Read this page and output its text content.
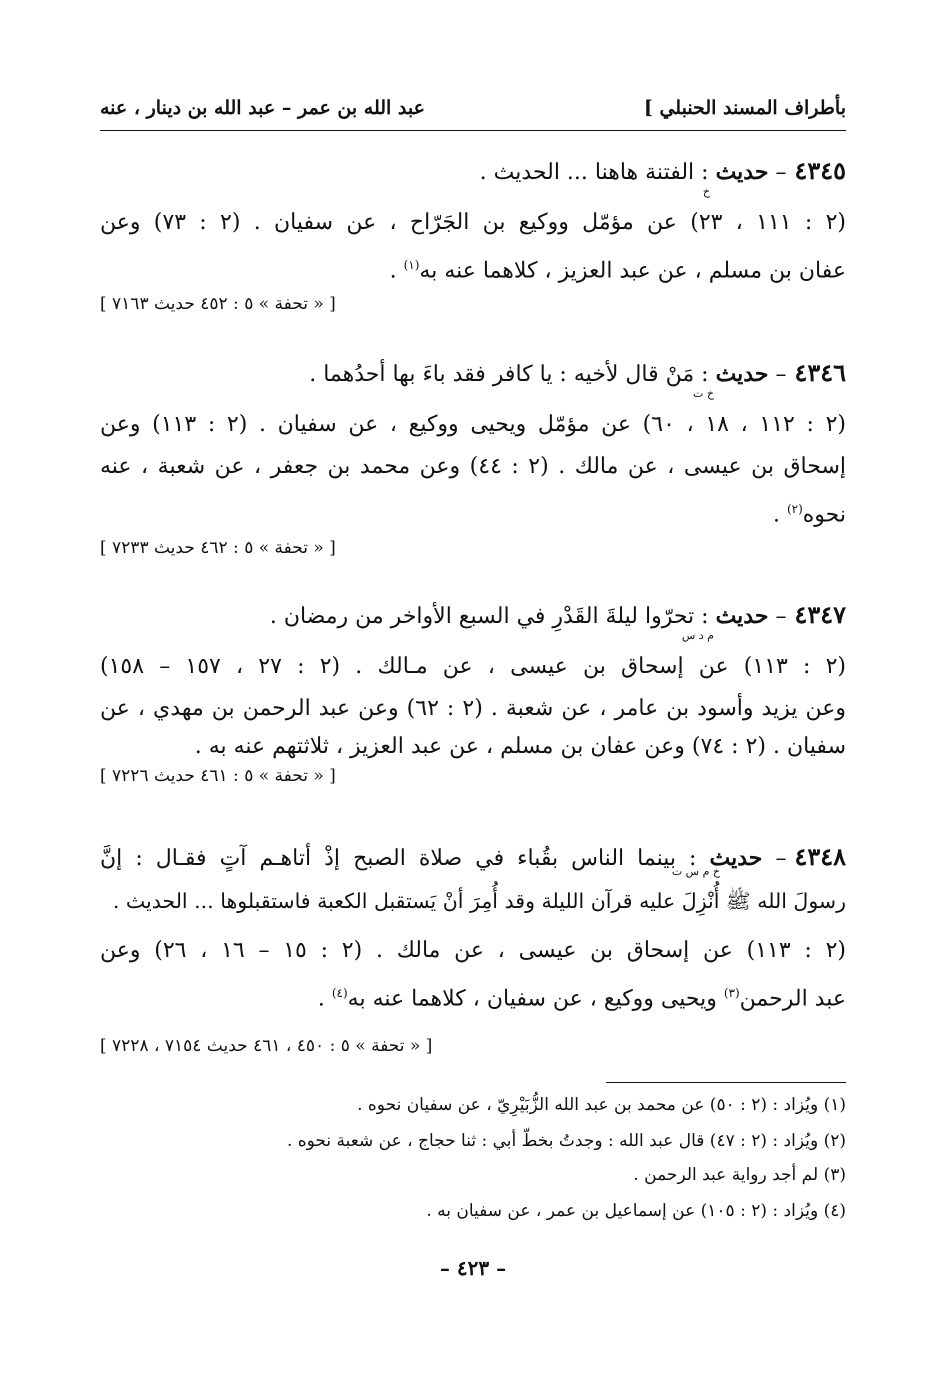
بأطراف المسند الحنبلي ]
عبد الله بن عمر – عبد الله بن دينار ، عنه
٤٣٤٥– حديث : الفتنة هاهنا ... الحديث .
خ
(٢ : ١١١ ، ٢٣) عن مؤمّل ووكيع بن الجَرّاح ، عن سفيان . (٢ : ٧٣) وعن
عفان بن مسلم ، عن عبد العزيز ، كلاهما عنه به$^{(١)}$ .
[ « تحفة » ٥ : ٤٥٢ حديث ٧١٦٣ ]
٤٣٤٦– حديث : مَنْ قال لأخيه : يا كافر فقد باءَ بها أحدُهما .
خ ت
(٢ : ١١٢ ، ١٨ ، ٦٠) عن مؤمّل ويحيى ووكيع ، عن سفيان . (٢ : ١١٣) وعن
إسحاق بن عيسى ، عن مالك . (٢ : ٤٤) وعن محمد بن جعفر ، عن شعبة ، عنه
نحوه$^{(٢)}$ .
[ « تحفة » ٥ : ٤٦٢ حديث ٧٢٣٣ ]
٤٣٤٧– حديث : تحرّوا ليلةَ القَدْرِ في السبع الأواخر من رمضان .
م د س
(٢ : ١١٣) عن إسحاق بن عيسى ، عن مـالك . (٢ : ٢٧ ، ١٥٧ – ١٥٨)
وعن يزيد وأسود بن عامر ، عن شعبة . (٢ : ٦٢) وعن عبد الرحمن بن مهدي ، عن
سفيان . (٢ : ٧٤) وعن عفان بن مسلم ، عن عبد العزيز ، ثلاثتهم عنه به .
[ « تحفة » ٥ : ٤٦١ حديث ٧٢٢٦ ]
٤٣٤٨– حديث : بينما الناس بقُباء في صلاة الصبح إذْ أتاهـم آتٍ فقـال : إنَّ
خ م س ت
رسولَ الله ﷺ أُنْزِلَ عليه قرآن الليلة وقد أُمِرَ أنْ يَستقبل الكعبة فاستقبلوها ... الحديث .
(٢ : ١١٣) عن إسحاق بن عيسى ، عن مالك . (٢ : ١٥ – ١٦ ، ٢٦) وعن
عبد الرحمن$^{(٣)}$ ويحيى ووكيع ، عن سفيان ، كلاهما عنه به$^{(٤)}$ .
[ « تحفة » ٥ : ٤٥٠ ، ٤٦١ حديث ٧١٥٤ ، ٧٢٢٨ ]
(١) ويُزاد : (٢ : ٥٠) عن محمد بن عبد الله الزُّبَيْرِيّ ، عن سفيان نحوه .
(٢) ويُزاد : (٢ : ٤٧) قال عبد الله : وجدتُ بخطّ أبي : ثنا حجاج ، عن شعبة نحوه .
(٣) لم أجد رواية عبد الرحمن .
(٤) ويُزاد : (٢ : ١٠٥) عن إسماعيل بن عمر ، عن سفيان به .
– ٤٢٣ –
